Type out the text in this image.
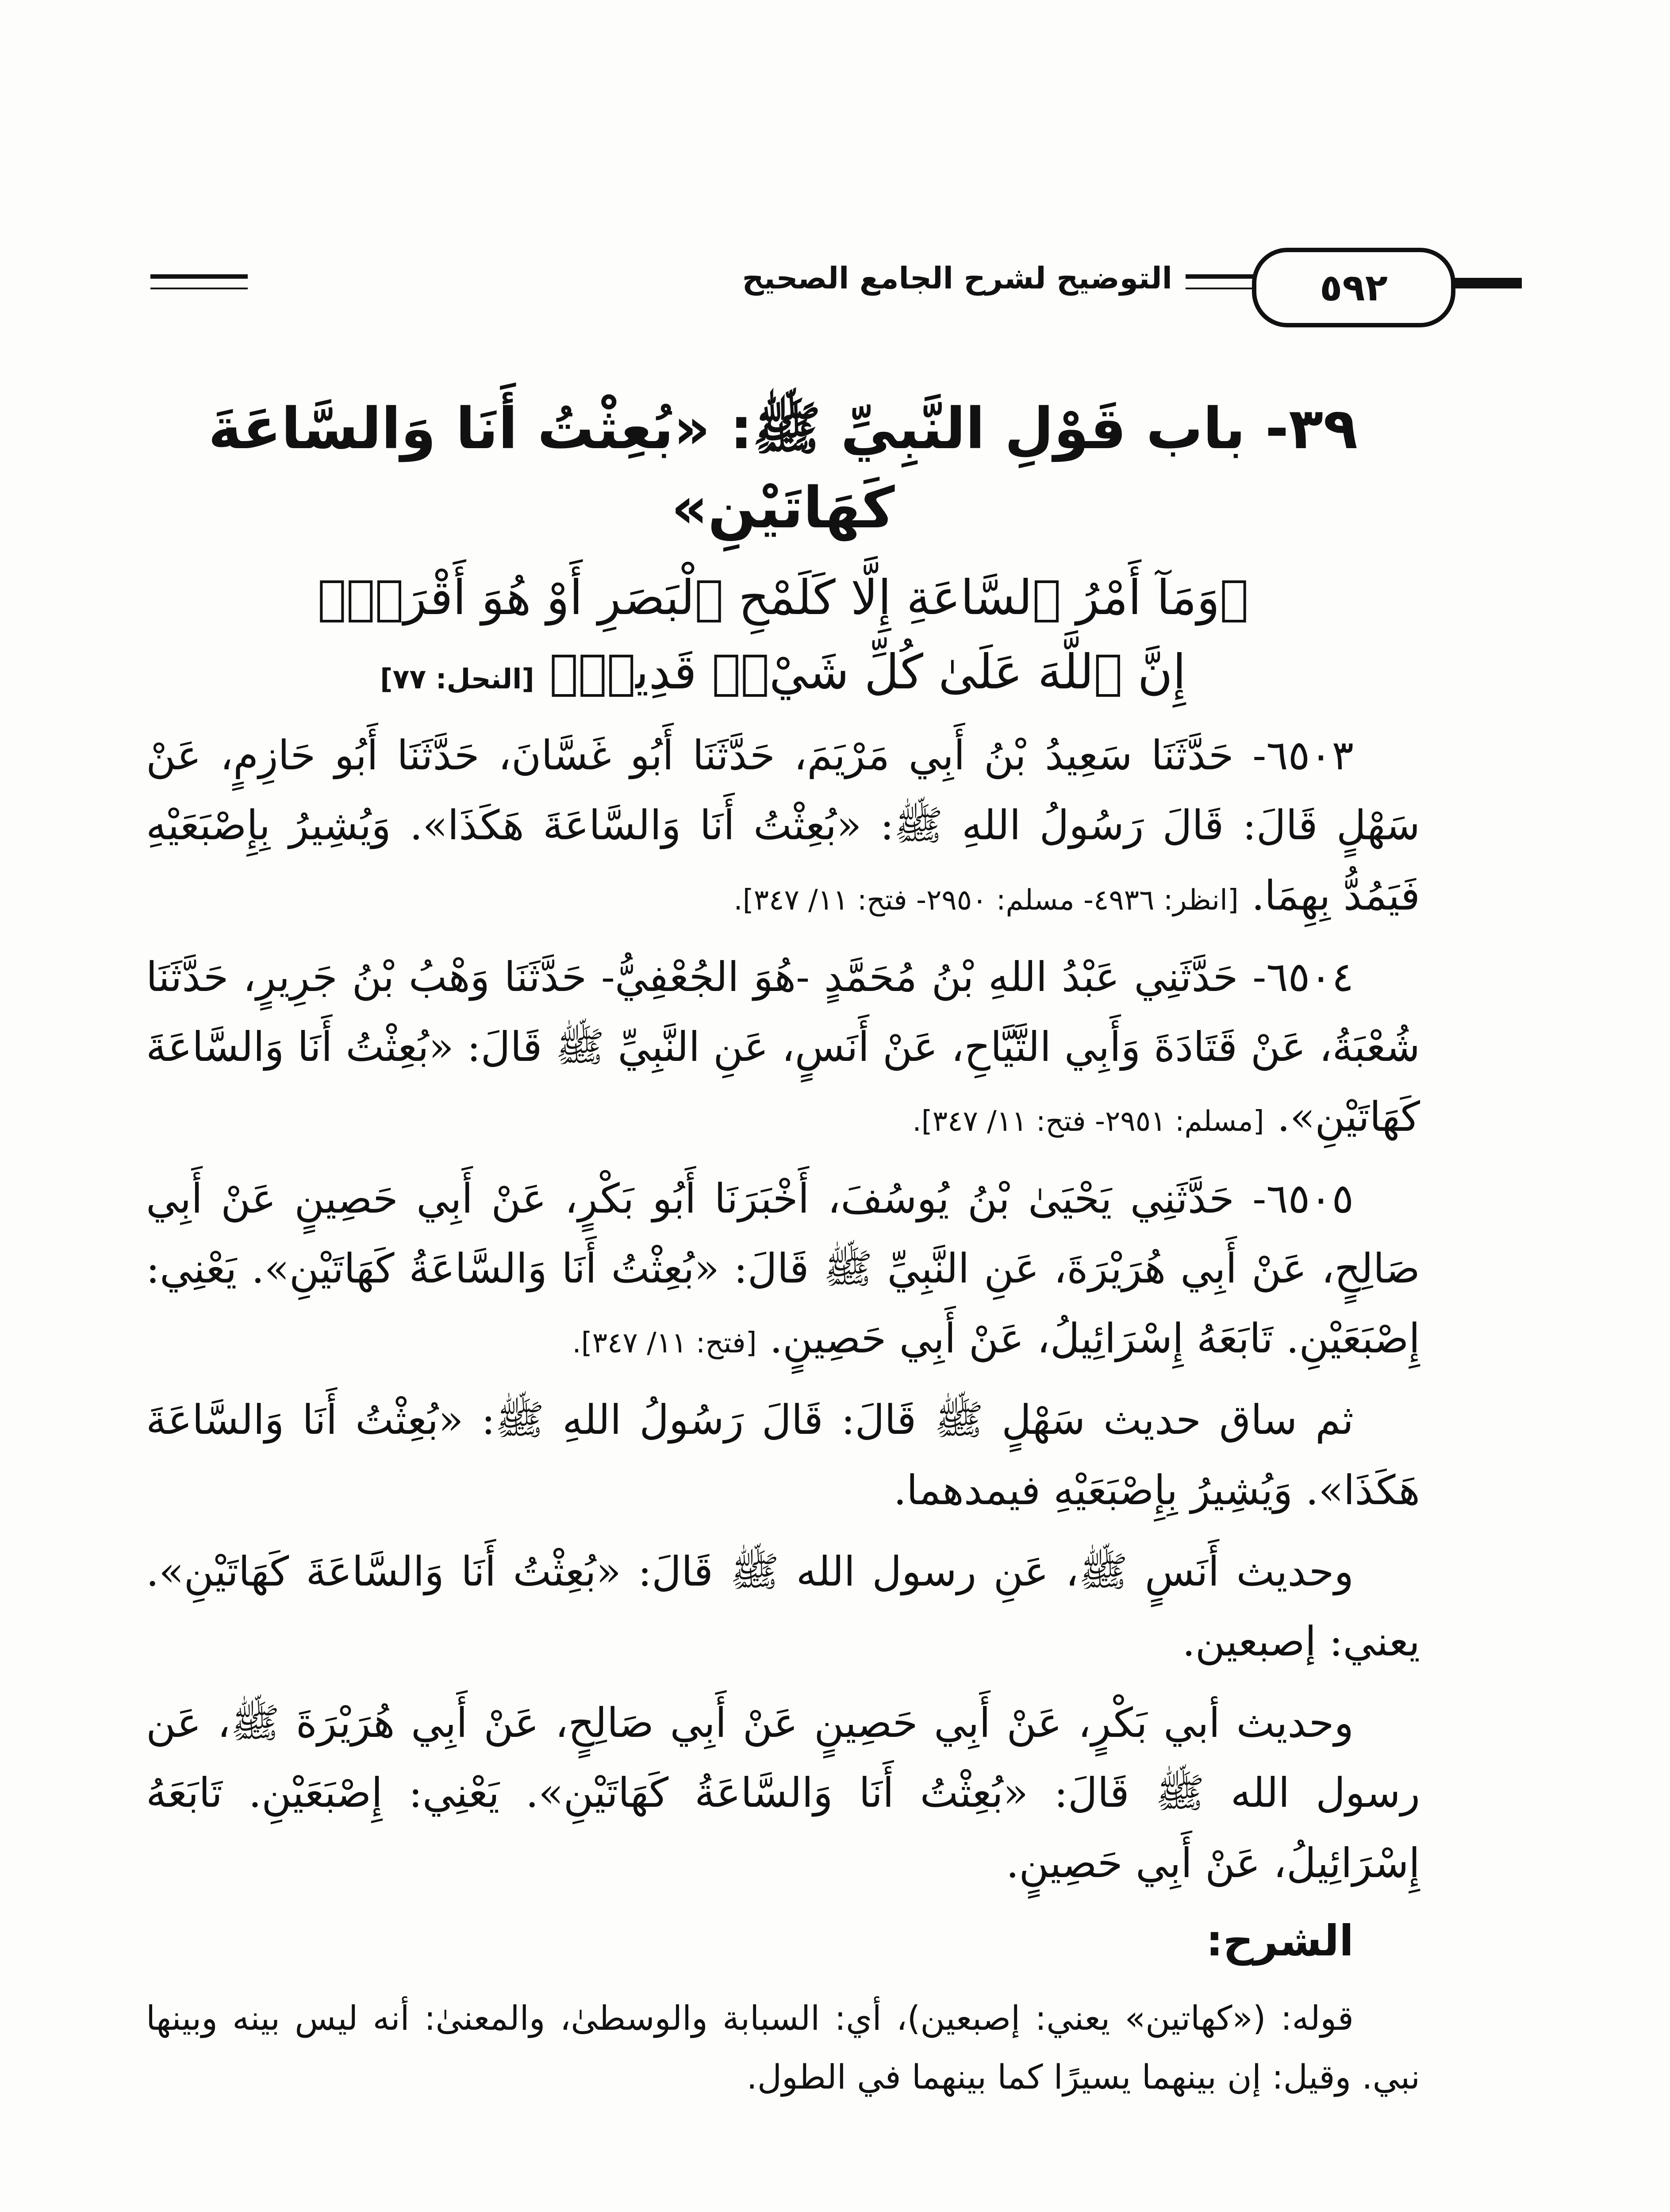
التوضيح لشرح الجامع الصحيح	٥٩٢
٣٩- باب قَوْلِ النَّبِيِّ ﷺ: «بُعِثْتُ أَنَا وَالسَّاعَةَ كَهَاتَيْنِ»
﴿وَمَآ أَمْرُ ٱلسَّاعَةِ إِلَّا كَلَمْحِ ٱلْبَصَرِ أَوْ هُوَ أَقْرَبُۚ
إِنَّ ٱللَّهَ عَلَىٰ كُلِّ شَيْءٖ قَدِيرٞ﴾ [النحل: ٧٧]

٦٥٠٣- حَدَّثَنَا سَعِيدُ بْنُ أَبِي مَرْيَمَ، حَدَّثَنَا أَبُو غَسَّانَ، حَدَّثَنَا أَبُو حَازِمٍ، عَنْ سَهْلٍ قَالَ: قَالَ رَسُولُ اللهِ ﷺ: «بُعِثْتُ أَنَا وَالسَّاعَةَ هَكَذَا». وَيُشِيرُ بِإِصْبَعَيْهِ فَيَمُدُّ بِهِمَا. [انظر: ٤٩٣٦- مسلم: ٢٩٥٠- فتح: ١١/ ٣٤٧].

٦٥٠٤- حَدَّثَنِي عَبْدُ اللهِ بْنُ مُحَمَّدٍ -هُوَ الجُعْفِيُّ- حَدَّثَنَا وَهْبُ بْنُ جَرِيرٍ، حَدَّثَنَا شُعْبَةُ، عَنْ قَتَادَةَ وَأَبِي التَّيَّاحِ، عَنْ أَنَسٍ، عَنِ النَّبِيِّ ﷺ قَالَ: «بُعِثْتُ أَنَا وَالسَّاعَةَ كَهَاتَيْنِ». [مسلم: ٢٩٥١- فتح: ١١/ ٣٤٧].

٦٥٠٥- حَدَّثَنِي يَحْيَىٰ بْنُ يُوسُفَ، أَخْبَرَنَا أَبُو بَكْرٍ، عَنْ أَبِي حَصِينٍ عَنْ أَبِي صَالِحٍ، عَنْ أَبِي هُرَيْرَةَ، عَنِ النَّبِيِّ ﷺ قَالَ: «بُعِثْتُ أَنَا وَالسَّاعَةُ كَهَاتَيْنِ». يَعْنِي: إِصْبَعَيْنِ. تَابَعَهُ إِسْرَائِيلُ، عَنْ أَبِي حَصِينٍ. [فتح: ١١/ ٣٤٧].

ثم ساق حديث سَهْلٍ ﷺ قَالَ: قَالَ رَسُولُ اللهِ ﷺ: «بُعِثْتُ أَنَا وَالسَّاعَةَ هَكَذَا». وَيُشِيرُ بِإِصْبَعَيْهِ فيمدهما.

وحديث أَنَسٍ ﷺ، عَنِ رسول الله ﷺ قَالَ: «بُعِثْتُ أَنَا وَالسَّاعَةَ كَهَاتَيْنِ». يعني: إصبعين.

وحديث أبي بَكْرٍ، عَنْ أَبِي حَصِينٍ عَنْ أَبِي صَالِحٍ، عَنْ أَبِي هُرَيْرَةَ ﷺ، عَن رسول الله ﷺ قَالَ: «بُعِثْتُ أَنَا وَالسَّاعَةُ كَهَاتَيْنِ». يَعْنِي: إِصْبَعَيْنِ. تَابَعَهُ إِسْرَائِيلُ، عَنْ أَبِي حَصِينٍ.

الشرح:

قوله: («كهاتين» يعني: إصبعين)، أي: السبابة والوسطىٰ، والمعنىٰ: أنه ليس بينه وبينها نبي. وقيل: إن بينهما يسيرًا كما بينهما في الطول.
